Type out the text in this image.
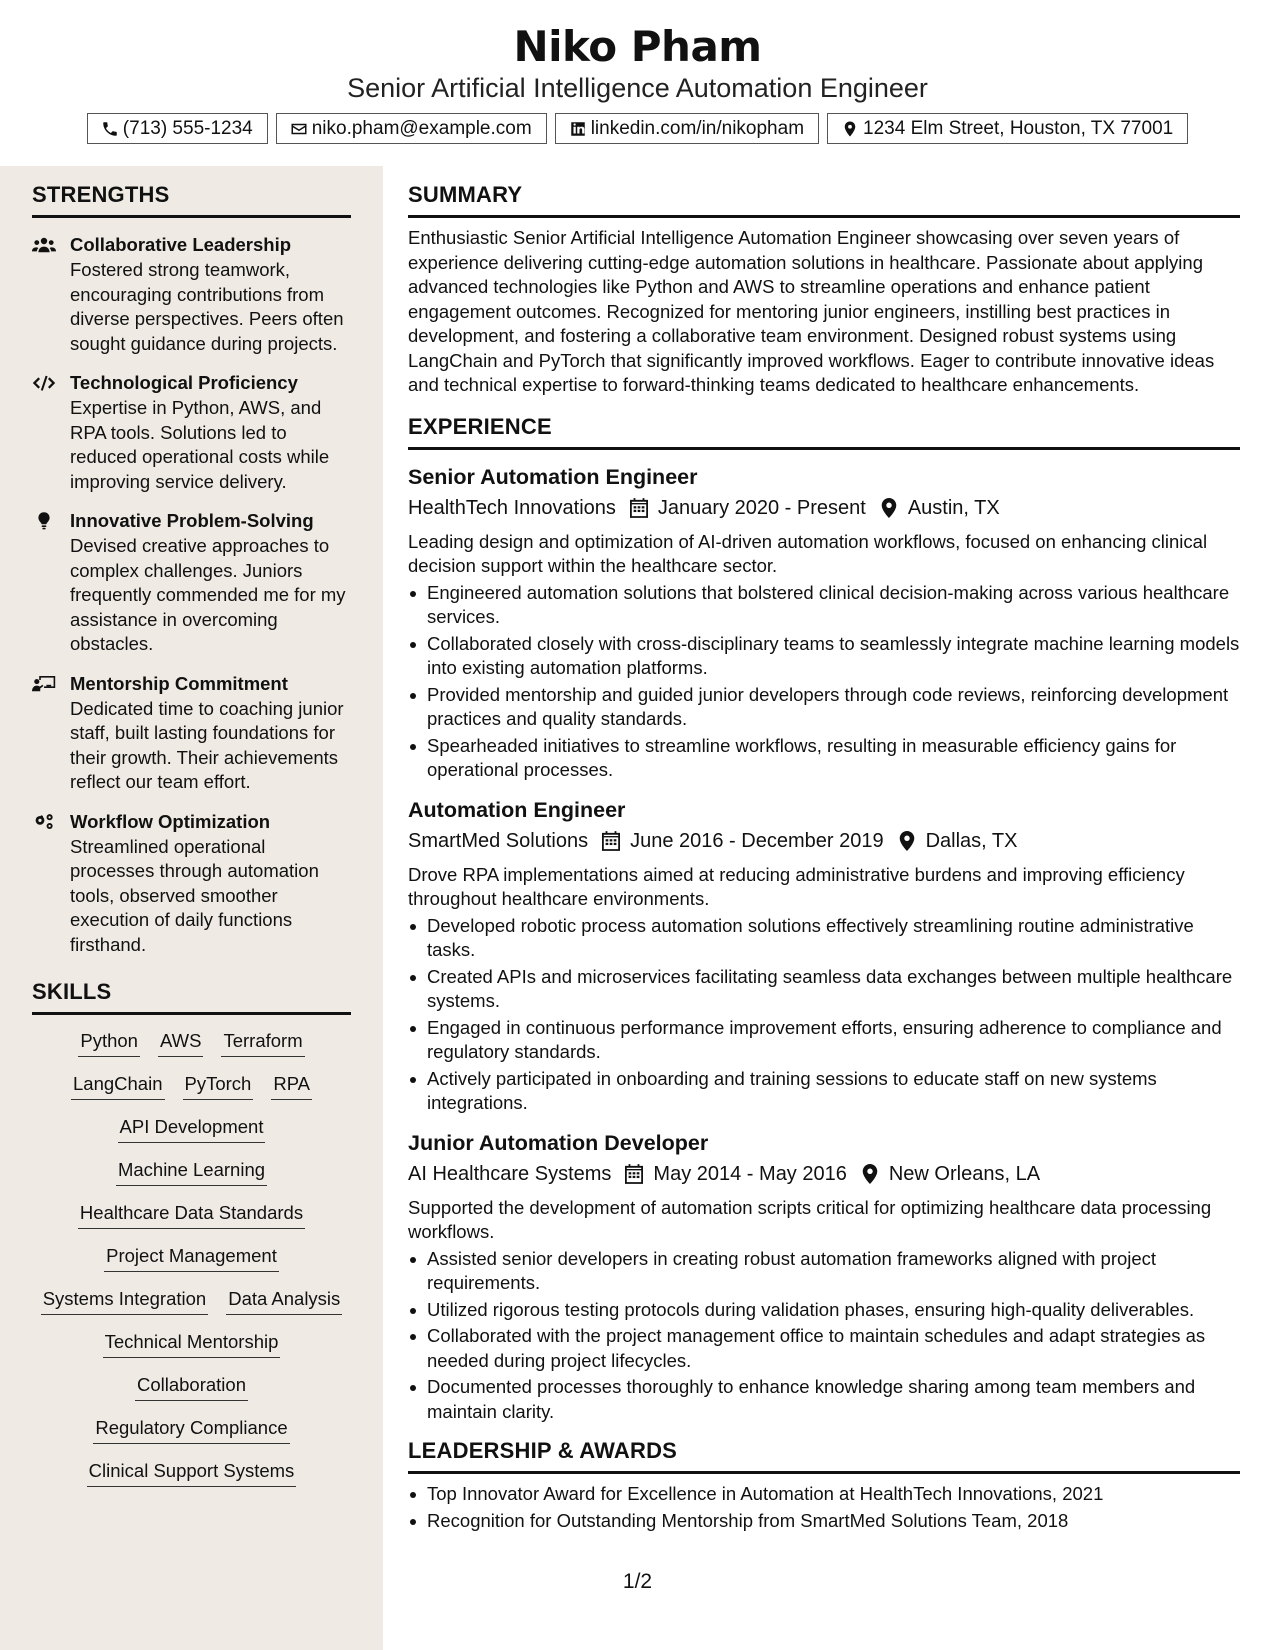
Niko Pham
Senior Artificial Intelligence Automation Engineer
(713) 555-1234	niko.pham@example.com	linkedin.com/in/nikopham	1234 Elm Street, Houston, TX 77001
STRENGTHS
Collaborative Leadership
Fostered strong teamwork, encouraging contributions from diverse perspectives. Peers often sought guidance during projects.
Technological Proficiency
Expertise in Python, AWS, and RPA tools. Solutions led to reduced operational costs while improving service delivery.
Innovative Problem-Solving
Devised creative approaches to complex challenges. Juniors frequently commended me for my assistance in overcoming obstacles.
Mentorship Commitment
Dedicated time to coaching junior staff, built lasting foundations for their growth. Their achievements reflect our team effort.
Workflow Optimization
Streamlined operational processes through automation tools, observed smoother execution of daily functions firsthand.
SKILLS
Python AWS Terraform
LangChain PyTorch RPA
API Development
Machine Learning
Healthcare Data Standards
Project Management
Systems Integration Data Analysis
Technical Mentorship
Collaboration
Regulatory Compliance
Clinical Support Systems
SUMMARY
Enthusiastic Senior Artificial Intelligence Automation Engineer showcasing over seven years of experience delivering cutting-edge automation solutions in healthcare. Passionate about applying advanced technologies like Python and AWS to streamline operations and enhance patient engagement outcomes. Recognized for mentoring junior engineers, instilling best practices in development, and fostering a collaborative team environment. Designed robust systems using LangChain and PyTorch that significantly improved workflows. Eager to contribute innovative ideas and technical expertise to forward-thinking teams dedicated to healthcare enhancements.
EXPERIENCE
Senior Automation Engineer
HealthTech Innovations January 2020 - Present Austin, TX
Leading design and optimization of AI-driven automation workflows, focused on enhancing clinical decision support within the healthcare sector.
Engineered automation solutions that bolstered clinical decision-making across various healthcare services.
Collaborated closely with cross-disciplinary teams to seamlessly integrate machine learning models into existing automation platforms.
Provided mentorship and guided junior developers through code reviews, reinforcing development practices and quality standards.
Spearheaded initiatives to streamline workflows, resulting in measurable efficiency gains for operational processes.
Automation Engineer
SmartMed Solutions June 2016 - December 2019 Dallas, TX
Drove RPA implementations aimed at reducing administrative burdens and improving efficiency throughout healthcare environments.
Developed robotic process automation solutions effectively streamlining routine administrative tasks.
Created APIs and microservices facilitating seamless data exchanges between multiple healthcare systems.
Engaged in continuous performance improvement efforts, ensuring adherence to compliance and regulatory standards.
Actively participated in onboarding and training sessions to educate staff on new systems integrations.
Junior Automation Developer
AI Healthcare Systems May 2014 - May 2016 New Orleans, LA
Supported the development of automation scripts critical for optimizing healthcare data processing workflows.
Assisted senior developers in creating robust automation frameworks aligned with project requirements.
Utilized rigorous testing protocols during validation phases, ensuring high-quality deliverables.
Collaborated with the project management office to maintain schedules and adapt strategies as needed during project lifecycles.
Documented processes thoroughly to enhance knowledge sharing among team members and maintain clarity.
LEADERSHIP & AWARDS
Top Innovator Award for Excellence in Automation at HealthTech Innovations, 2021
Recognition for Outstanding Mentorship from SmartMed Solutions Team, 2018
1/2
